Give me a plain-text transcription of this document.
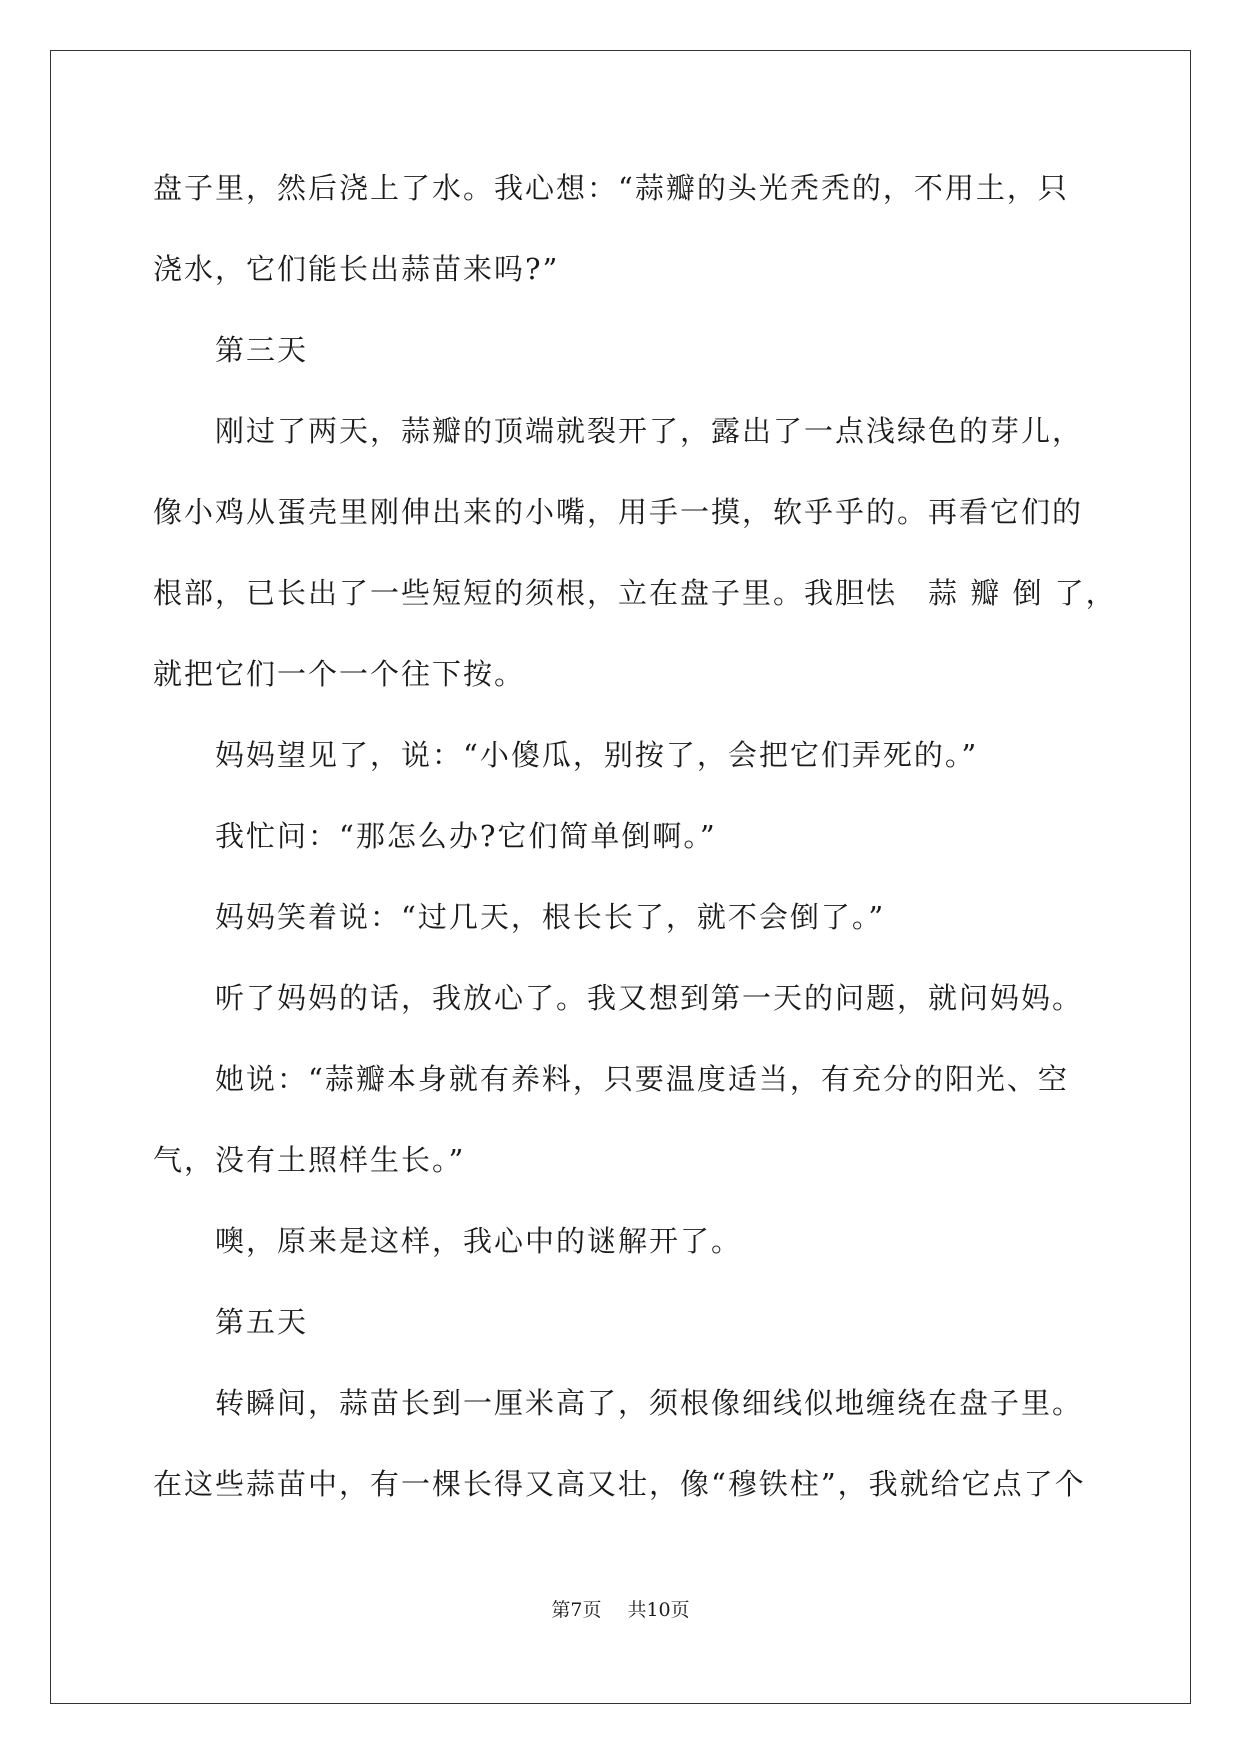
盘子里，然后浇上了水。我心想：“蒜瓣的头光秃秃的，不用土，只
浇水，它们能长出蒜苗来吗?”
第三天
刚过了两天，蒜瓣的顶端就裂开了，露出了一点浅绿色的芽儿，
像小鸡从蛋壳里刚伸出来的小嘴，用手一摸，软乎乎的。再看它们的
根部，已长出了一些短短的须根，立在盘子里。我胆怯　蒜 瓣 倒 了，
就把它们一个一个往下按。
妈妈望见了，说：“小傻瓜，别按了，会把它们弄死的。”
我忙问：“那怎么办?它们简单倒啊。”
妈妈笑着说：“过几天，根长长了，就不会倒了。”
听了妈妈的话，我放心了。我又想到第一天的问题，就问妈妈。
她说：“蒜瓣本身就有养料，只要温度适当，有充分的阳光、空
气，没有土照样生长。”
噢，原来是这样，我心中的谜解开了。
第五天
转瞬间，蒜苗长到一厘米高了，须根像细线似地缠绕在盘子里。
在这些蒜苗中，有一棵长得又高又壮，像“穆铁柱”，我就给它点了个
第7页 共10页
